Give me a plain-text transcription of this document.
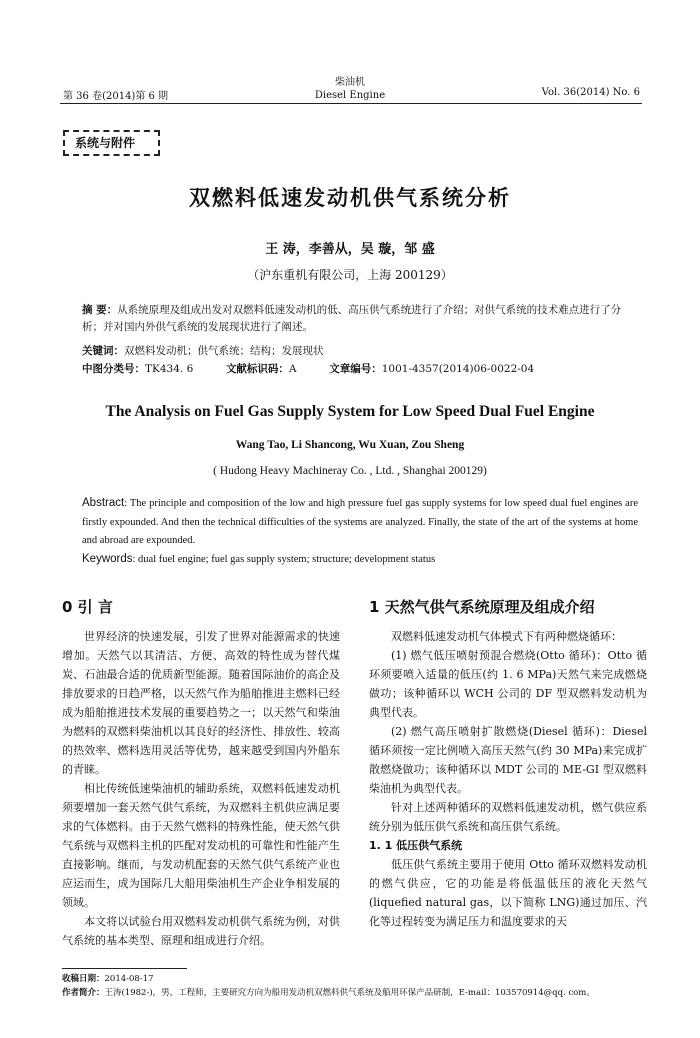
第 36 卷(2014)第 6 期
柴油机
Diesel Engine	Vol. 36(2014) No. 6
系统与附件
双燃料低速发动机供气系统分析
王 涛，李善从，吴 璇，邹 盛
（沪东重机有限公司，上海 200129）
摘 要：从系统原理及组成出发对双燃料低速发动机的低、高压供气系统进行了介绍；对供气系统的技术难点进行了分析；并对国内外供气系统的发展现状进行了阐述。
关键词：双燃料发动机；供气系统；结构；发展现状
中图分类号：TK434. 6	文献标识码：A	文章编号：1001-4357(2014)06-0022-04
The Analysis on Fuel Gas Supply System for Low Speed Dual Fuel Engine
Wang Tao, Li Shancong, Wu Xuan, Zou Sheng
( Hudong Heavy Machineray Co. , Ltd. , Shanghai 200129)
Abstract: The principle and composition of the low and high pressure fuel gas supply systems for low speed dual fuel engines are firstly expounded. And then the technical difficulties of the systems are analyzed. Finally, the state of the art of the systems at home and abroad are expounded.
Keywords: dual fuel engine; fuel gas supply system; structure; development status
0 引 言

世界经济的快速发展，引发了世界对能源需求的快速增加。天然气以其清洁、方便、高效的特性成为替代煤炭、石油最合适的优质新型能源。随着国际油价的高企及排放要求的日趋严格，以天然气作为船舶推进主燃料已经成为船舶推进技术发展的重要趋势之一；以天然气和柴油为燃料的双燃料柴油机以其良好的经济性、排放性、较高的热效率、燃料选用灵活等优势，越来越受到国内外船东的青睐。

相比传统低速柴油机的辅助系统，双燃料低速发动机须要增加一套天然气供气系统，为双燃料主机供应满足要求的气体燃料。由于天然气燃料的特殊性能，使天然气供气系统与双燃料主机的匹配对发动机的可靠性和性能产生直接影响。继而，与发动机配套的天然气供气系统产业也应运而生，成为国际几大船用柴油机生产企业争相发展的领域。

本文将以试验台用双燃料发动机供气系统为例，对供气系统的基本类型、原理和组成进行介绍。

1 天然气供气系统原理及组成介绍

双燃料低速发动机气体模式下有两种燃烧循环：

(1) 燃气低压喷射预混合燃烧(Otto 循环)：Otto 循环须要喷入适量的低压(约 1. 6 MPa)天然气来完成燃烧做功；该种循环以 WCH 公司的 DF 型双燃料发动机为典型代表。

(2) 燃气高压喷射扩散燃烧(Diesel 循环)：Diesel 循环须按一定比例喷入高压天然气(约 30 MPa)来完成扩散燃烧做功；该种循环以 MDT 公司的 ME-GI 型双燃料柴油机为典型代表。

针对上述两种循环的双燃料低速发动机，燃气供应系统分别为低压供气系统和高压供气系统。

1. 1 低压供气系统

低压供气系统主要用于使用 Otto 循环双燃料发动机的燃气供应，它的功能是将低温低压的液化天然气(liquefied natural gas，以下简称 LNG)通过加压、汽化等过程转变为满足压力和温度要求的天

收稿日期：2014-08-17
作者简介：王涛(1982-)，男，工程师，主要研究方向为船用发动机双燃料供气系统及船用环保产品研制，E-mail：103570914@qq. com。
